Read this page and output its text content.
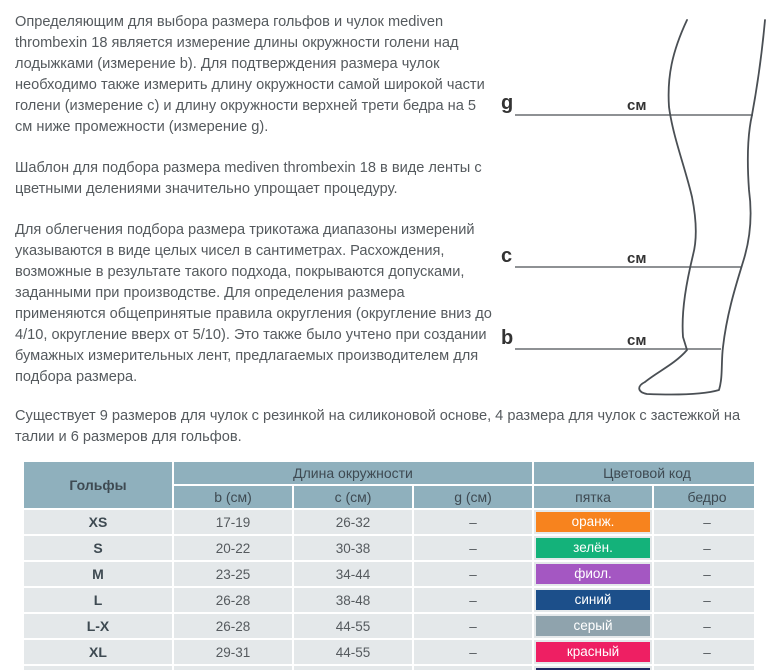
Определяющим для выбора размера гольфов и чулок mediven thrombexin 18 является измерение длины окружности голени над лодыжками (измерение b). Для подтверждения размера чулок необходимо также измерить длину окружности самой широкой части голени (измерение c) и длину окружности верхней трети бедра на 5 см ниже промежности (измерение g).

Шаблон для подбора размера mediven thrombexin 18 в виде ленты с цветными делениями значительно упрощает процедуру.

Для облегчения подбора размера трикотажа диапазоны измерений указываются в виде целых чисел в сантиметрах. Расхождения, возможные в результате такого подхода, покрываются допусками, заданными при производстве. Для определения размера применяются общепринятые правила округления (округление вниз до 4/10, округление вверх от 5/10). Это также было учтено при создании бумажных измерительных лент, предлагаемых производителем для подбора размера.

g
c
b
см
см
см

Существует 9 размеров для чулок с резинкой на силиконовой основе, 4 размера для чулок с застежкой на талии и 6 размеров для гольфов.

Гольфы	Длина окружности			Цветовой код	
	b (см)	c (см)	g (см)	пятка	бедро
XS	17-19	26-32	–	оранж.	–
S	20-22	30-38	–	зелён.	–
M	23-25	34-44	–	фиол.	–
L	26-28	38-48	–	синий	–
L-X	26-28	44-55	–	серый	–
XL	29-31	44-55	–	красный	–
